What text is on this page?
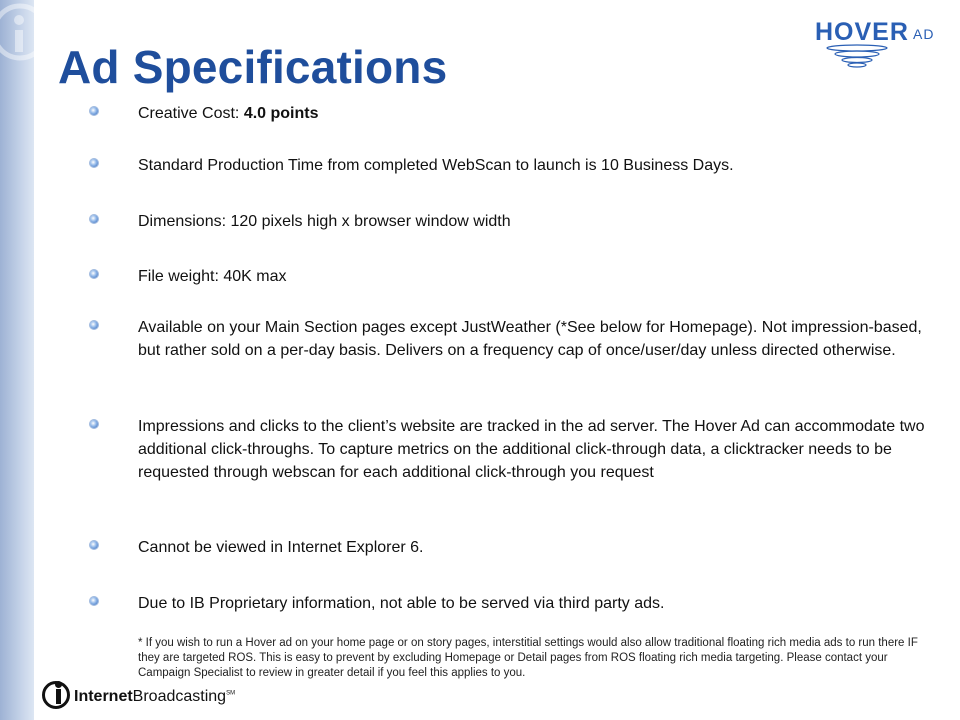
Ad Specifications
HOVER AD
Creative Cost: 4.0 points
Standard Production Time from completed WebScan to launch is 10 Business Days.
Dimensions: 120 pixels high x browser window width
File weight: 40K max
Available on your Main Section pages except JustWeather (*See below for Homepage). Not impression-based, but rather sold on a per-day basis. Delivers on a frequency cap of once/user/day unless directed otherwise.
Impressions and clicks to the client’s website are tracked in the ad server. The Hover Ad can accommodate two additional click-throughs. To capture metrics on the additional click-through data, a clicktracker needs to be requested through webscan for each additional click-through you request
Cannot be viewed in Internet Explorer 6.
Due to IB Proprietary information, not able to be served via third party ads.
* If you wish to run a Hover ad on your home page or on story pages, interstitial settings would also allow traditional floating rich media ads to run there IF they are targeted ROS. This is easy to prevent by excluding Homepage or Detail pages from ROS floating rich media targeting. Please contact your Campaign Specialist to review in greater detail if you feel this applies to you.
InternetBroadcasting℠
